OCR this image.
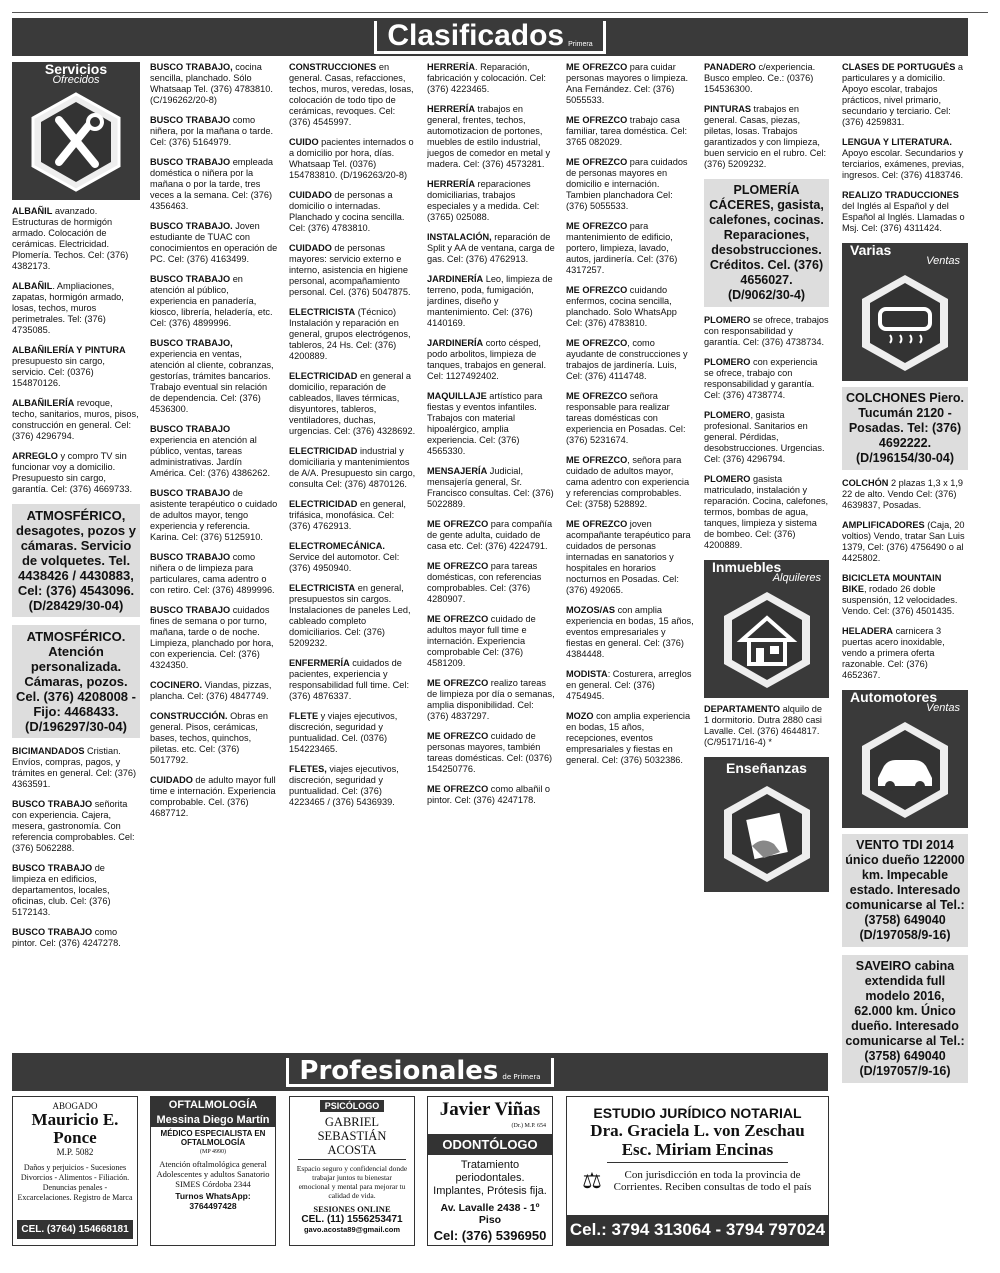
Clasificados Primera
Servicios
Ofrecidos
ALBAÑIL avanzado. Estructuras de hormigón armado. Colocación de cerámicas. Electricidad. Plomería. Techos. Cel: (376) 4382173.
ALBAÑIL. Ampliaciones, zapatas, hormigón armado, losas, techos, muros perimetrales. Tel: (376) 4735085.
ALBAÑILERÍA Y PINTURA presupuesto sin cargo, servicio. Cel: (0376) 154870126.
ALBAÑILERÍA revoque, techo, sanitarios, muros, pisos, construcción en general. Cel: (376) 4296794.
ARREGLO y compro TV sin funcionar voy a domicilio. Presupuesto sin cargo, garantía. Cel: (376) 4669733.
ATMOSFÉRICO, desagotes, pozos y cámaras. Servicio de volquetes. Tel. 4438426 / 4430883, Cel: (376) 4543096. (D/28429/30-04)
ATMOSFÉRICO. Atención personalizada. Cámaras, pozos. Cel. (376) 4208008 - Fijo: 4468433. (D/196297/30-04)
BICIMANDADOS Cristian. Envíos, compras, pagos, y trámites en general. Cel: (376) 4363591.
BUSCO TRABAJO señorita con experiencia. Cajera, mesera, gastronomía. Con referencia comprobables. Cel: (376) 5062288.
BUSCO TRABAJO de limpieza en edificios, departamentos, locales, oficinas, club. Cel: (376) 5172143.
BUSCO TRABAJO como pintor. Cel: (376) 4247278.
BUSCO TRABAJO, cocina sencilla, planchado. Sólo Whatsaap Tel. (376) 4783810. (C/196262/20-8)
BUSCO TRABAJO como niñera, por la mañana o tarde. Cel: (376) 5164979.
BUSCO TRABAJO empleada doméstica o niñera por la mañana o por la tarde, tres veces a la semana. Cel: (376) 4356463.
BUSCO TRABAJO. Joven estudiante de TUAC con conocimientos en operación de PC. Cel: (376) 4163499.
BUSCO TRABAJO en atención al público, experiencia en panadería, kiosco, librería, heladería, etc. Cel: (376) 4899996.
BUSCO TRABAJO, experiencia en ventas, atención al cliente, cobranzas, gestorías, trámites bancarios. Trabajo eventual sin relación de dependencia. Cel: (376) 4536300.
BUSCO TRABAJO experiencia en atención al público, ventas, tareas administrativas. Jardín América. Cel: (376) 4386262.
BUSCO TRABAJO de asistente terapéutico o cuidado de adultos mayor, tengo experiencia y referencia. Karina. Cel: (376) 5125910.
BUSCO TRABAJO como niñera o de limpieza para particulares, cama adentro o con retiro. Cel: (376) 4899996.
BUSCO TRABAJO cuidados fines de semana o por turno, mañana, tarde o de noche. Limpieza, planchado por hora, con experiencia. Cel: (376) 4324350.
COCINERO. Viandas, pizzas, plancha. Cel: (376) 4847749.
CONSTRUCCIÓN. Obras en general. Pisos, cerámicas, bases, techos, quinchos, piletas. etc. Cel: (376) 5017792.
CUIDADO de adulto mayor full time e internación. Experiencia comprobable. Cel. (376) 4687712.
CONSTRUCCIONES en general. Casas, refacciones, techos, muros, veredas, losas, colocación de todo tipo de cerámicas, revoques. Cel: (376) 4545997.
CUIDO pacientes internados o a domicilio por hora, días. Whatsaap Tel. (0376) 154783810. (D/196263/20-8)
CUIDADO de personas a domicilio o internadas. Planchado y cocina sencilla. Cel: (376) 4783810.
CUIDADO de personas mayores: servicio externo e interno, asistencia en higiene personal, acompañamiento personal. Cel. (376) 5047875.
ELECTRICISTA (Técnico) Instalación y reparación en general, grupos electrógenos, tableros, 24 Hs. Cel: (376) 4200889.
ELECTRICIDAD en general a domicilio, reparación de cableados, llaves térmicas, disyuntores, tableros, ventiladores, duchas, urgencias. Cel: (376) 4328692.
ELECTRICIDAD industrial y domiciliaria y mantenimientos de A/A. Presupuesto sin cargo, consulta Cel: (376) 4870126.
ELECTRICIDAD en general, trifásica, monofásica. Cel: (376) 4762913.
ELECTROMECÁNICA. Service del automotor. Cel: (376) 4950940.
ELECTRICISTA en general, presupuestos sin cargos. Instalaciones de paneles Led, cableado completo domiciliarios. Cel: (376) 5209232.
ENFERMERÍA cuidados de pacientes, experiencia y responsabilidad full time. Cel: (376) 4876337.
FLETE y viajes ejecutivos, discreción, seguridad y puntualidad. Cel. (0376) 154223465.
FLETES, viajes ejecutivos, discreción, seguridad y puntualidad. Cel: (376) 4223465 / (376) 5436939.
HERRERÍA. Reparación, fabricación y colocación. Cel: (376) 4223465.
HERRERÍA trabajos en general, frentes, techos, automotizacion de portones, muebles de estilo industrial, juegos de comedor en metal y madera. Cel: (376) 4573281.
HERRERÍA reparaciones domiciliarias, trabajos especiales y a medida. Cel: (3765) 025088.
INSTALACIÓN, reparación de Split y AA de ventana, carga de gas. Cel: (376) 4762913.
JARDINERÍA Leo, limpieza de terreno, poda, fumigación, jardines, diseño y mantenimiento. Cel: (376) 4140169.
JARDINERÍA corto césped, podo arbolitos, limpieza de tanques, trabajos en general. Cel: 1127492402.
MAQUILLAJE artístico para fiestas y eventos infantiles. Trabajos con material hipoalérgico, amplia experiencia. Cel: (376) 4565330.
MENSAJERÍA Judicial, mensajería general, Sr. Francisco consultas. Cel: (376) 5022889.
ME OFREZCO para compañía de gente adulta, cuidado de casa etc. Cel: (376) 4224791.
ME OFREZCO para tareas domésticas, con referencias comprobables. Cel: (376) 4280907.
ME OFREZCO cuidado de adultos mayor full time e internación. Experiencia comprobable Cel: (376) 4581209.
ME OFREZCO realizo tareas de limpieza por día o semanas, amplia disponibilidad. Cel: (376) 4837297.
ME OFREZCO cuidado de personas mayores, también tareas domésticas. Cel: (0376) 154250776.
ME OFREZCO como albañil o pintor. Cel: (376) 4247178.
ME OFREZCO para cuidar personas mayores o limpieza. Ana Fernández. Cel: (376) 5055533.
ME OFREZCO trabajo casa familiar, tarea doméstica. Cel: 3765 082029.
ME OFREZCO para cuidados de personas mayores en domicilio e internación. Tambien planchadora Cel: (376) 5055533.
ME OFREZCO para mantenimiento de edificio, portero, limpieza, lavado, autos, jardinería. Cel: (376) 4317257.
ME OFREZCO cuidando enfermos, cocina sencilla, planchado. Solo WhatsApp Cel: (376) 4783810.
ME OFREZCO, como ayudante de construcciones y trabajos de jardinería. Luis, Cel: (376) 4114748.
ME OFREZCO señora responsable para realizar tareas domésticas con experiencia en Posadas. Cel: (376) 5231674.
ME OFREZCO, señora para cuidado de adultos mayor, cama adentro con experiencia y referencias comprobables. Cel: (3758) 528892.
ME OFREZCO joven acompañante terapéutico para cuidados de personas internadas en sanatorios y hospitales en horarios nocturnos en Posadas. Cel: (376) 492065.
MOZOS/AS con amplia experiencia en bodas, 15 años, eventos empresariales y fiestas en general. Cel: (376) 4384448.
MODISTA: Costurera, arreglos en general. Cel: (376) 4754945.
MOZO con amplia experiencia en bodas, 15 años, recepciones, eventos empresariales y fiestas en general. Cel: (376) 5032386.
PANADERO c/experiencia. Busco empleo. Ce.: (0376) 154536300.
PINTURAS trabajos en general. Casas, piezas, piletas, losas. Trabajos garantizados y con limpieza, buen servicio en el rubro. Cel: (376) 5209232.
PLOMERÍA CÁCERES, gasista, calefones, cocinas. Reparaciones, desobstrucciones. Créditos. Cel. (376) 4656027. (D/9062/30-4)
PLOMERO se ofrece, trabajos con responsabilidad y garantía. Cel: (376) 4738734.
PLOMERO con experiencia se ofrece, trabajo con responsabilidad y garantía. Cel: (376) 4738774.
PLOMERO, gasista profesional. Sanitarios en general. Pérdidas, desobstrucciones. Urgencias. Cel: (376) 4296794.
PLOMERO gasista matriculado, instalación y reparación. Cocina, calefones, termos, bombas de agua, tanques, limpieza y sistema de bombeo. Cel: (376) 4200889.
Inmuebles
Alquileres
DEPARTAMENTO alquilo de 1 dormitorio. Dutra 2880 casi Lavalle. Cel. (376) 4644817. (C/95171/16-4) *
Enseñanzas
CLASES DE PORTUGUÉS a particulares y a domicilio. Apoyo escolar, trabajos prácticos, nivel primario, secundario y terciario. Cel: (376) 4259831.
LENGUA Y LITERATURA. Apoyo escolar. Secundarios y terciarios, exámenes, previas, ingresos. Cel: (376) 4183746.
REALIZO TRADUCCIONES del Inglés al Español y del Español al Inglés. Llamadas o Msj. Cel: (376) 4311424.
Varias
Ventas
COLCHONES Piero. Tucumán 2120 - Posadas. Tel: (376) 4692222. (D/196154/30-04)
COLCHÓN 2 plazas 1,3 x 1,9 22 de alto. Vendo Cel: (376) 4639837, Posadas.
AMPLIFICADORES (Caja, 20 voltios) Vendo, tratar San Luis 1379, Cel: (376) 4756490 o al 4425802.
BICICLETA MOUNTAIN BIKE, rodado 26 doble suspensión, 12 velocidades. Vendo. Cel: (376) 4501435.
HELADERA carnicera 3 puertas acero inoxidable, vendo a primera oferta razonable. Cel: (376) 4652367.
Automotores
Ventas
VENTO TDI 2014 único dueño 122000 km. Impecable estado. Interesado comunicarse al Tel.: (3758) 649040 (D/197058/9-16)
SAVEIRO cabina extendida full modelo 2016, 62.000 km. Único dueño. Interesado comunicarse al Tel.: (3758) 649040 (D/197057/9-16)
Profesionales de Primera
ABOGADO
Mauricio E. Ponce
M.P. 5082
Daños y perjuicios - Sucesiones Divorcios - Alimentos - Filiación. Denuncias penales - Excarcelaciones. Registro de Marca
CEL. (3764) 154668181
OFTALMOLOGÍA
Messina Diego Martín
MÉDICO ESPECIALISTA EN OFTALMOLOGÍA
(MP 4990)
Atención oftalmológica general Adolescentes y adultos Sanatorio SIMES Córdoba 2344
Turnos WhatsApp:
3764497428
PSICÓLOGO
GABRIEL SEBASTIÁN ACOSTA
Espacio seguro y confidencial donde trabajar juntos tu bienestar emocional y mental para mejorar tu calidad de vida.
SESIONES ONLINE
CEL. (11) 1556253471
gavo.acosta89@gmail.com
Javier Viñas
(Dr.) M.P. 654
ODONTÓLOGO
Tratamiento periodontales. Implantes, Prótesis fija.
Av. Lavalle 2438 - 1º Piso
Cel: (376) 5396950
ESTUDIO JURÍDICO NOTARIAL
Dra. Graciela L. von Zeschau
Esc. Miriam Encinas
⚖	Con jurisdicción en toda la provincia de Corrientes. Reciben consultas de todo el país
Cel.: 3794 313064 - 3794 797024
